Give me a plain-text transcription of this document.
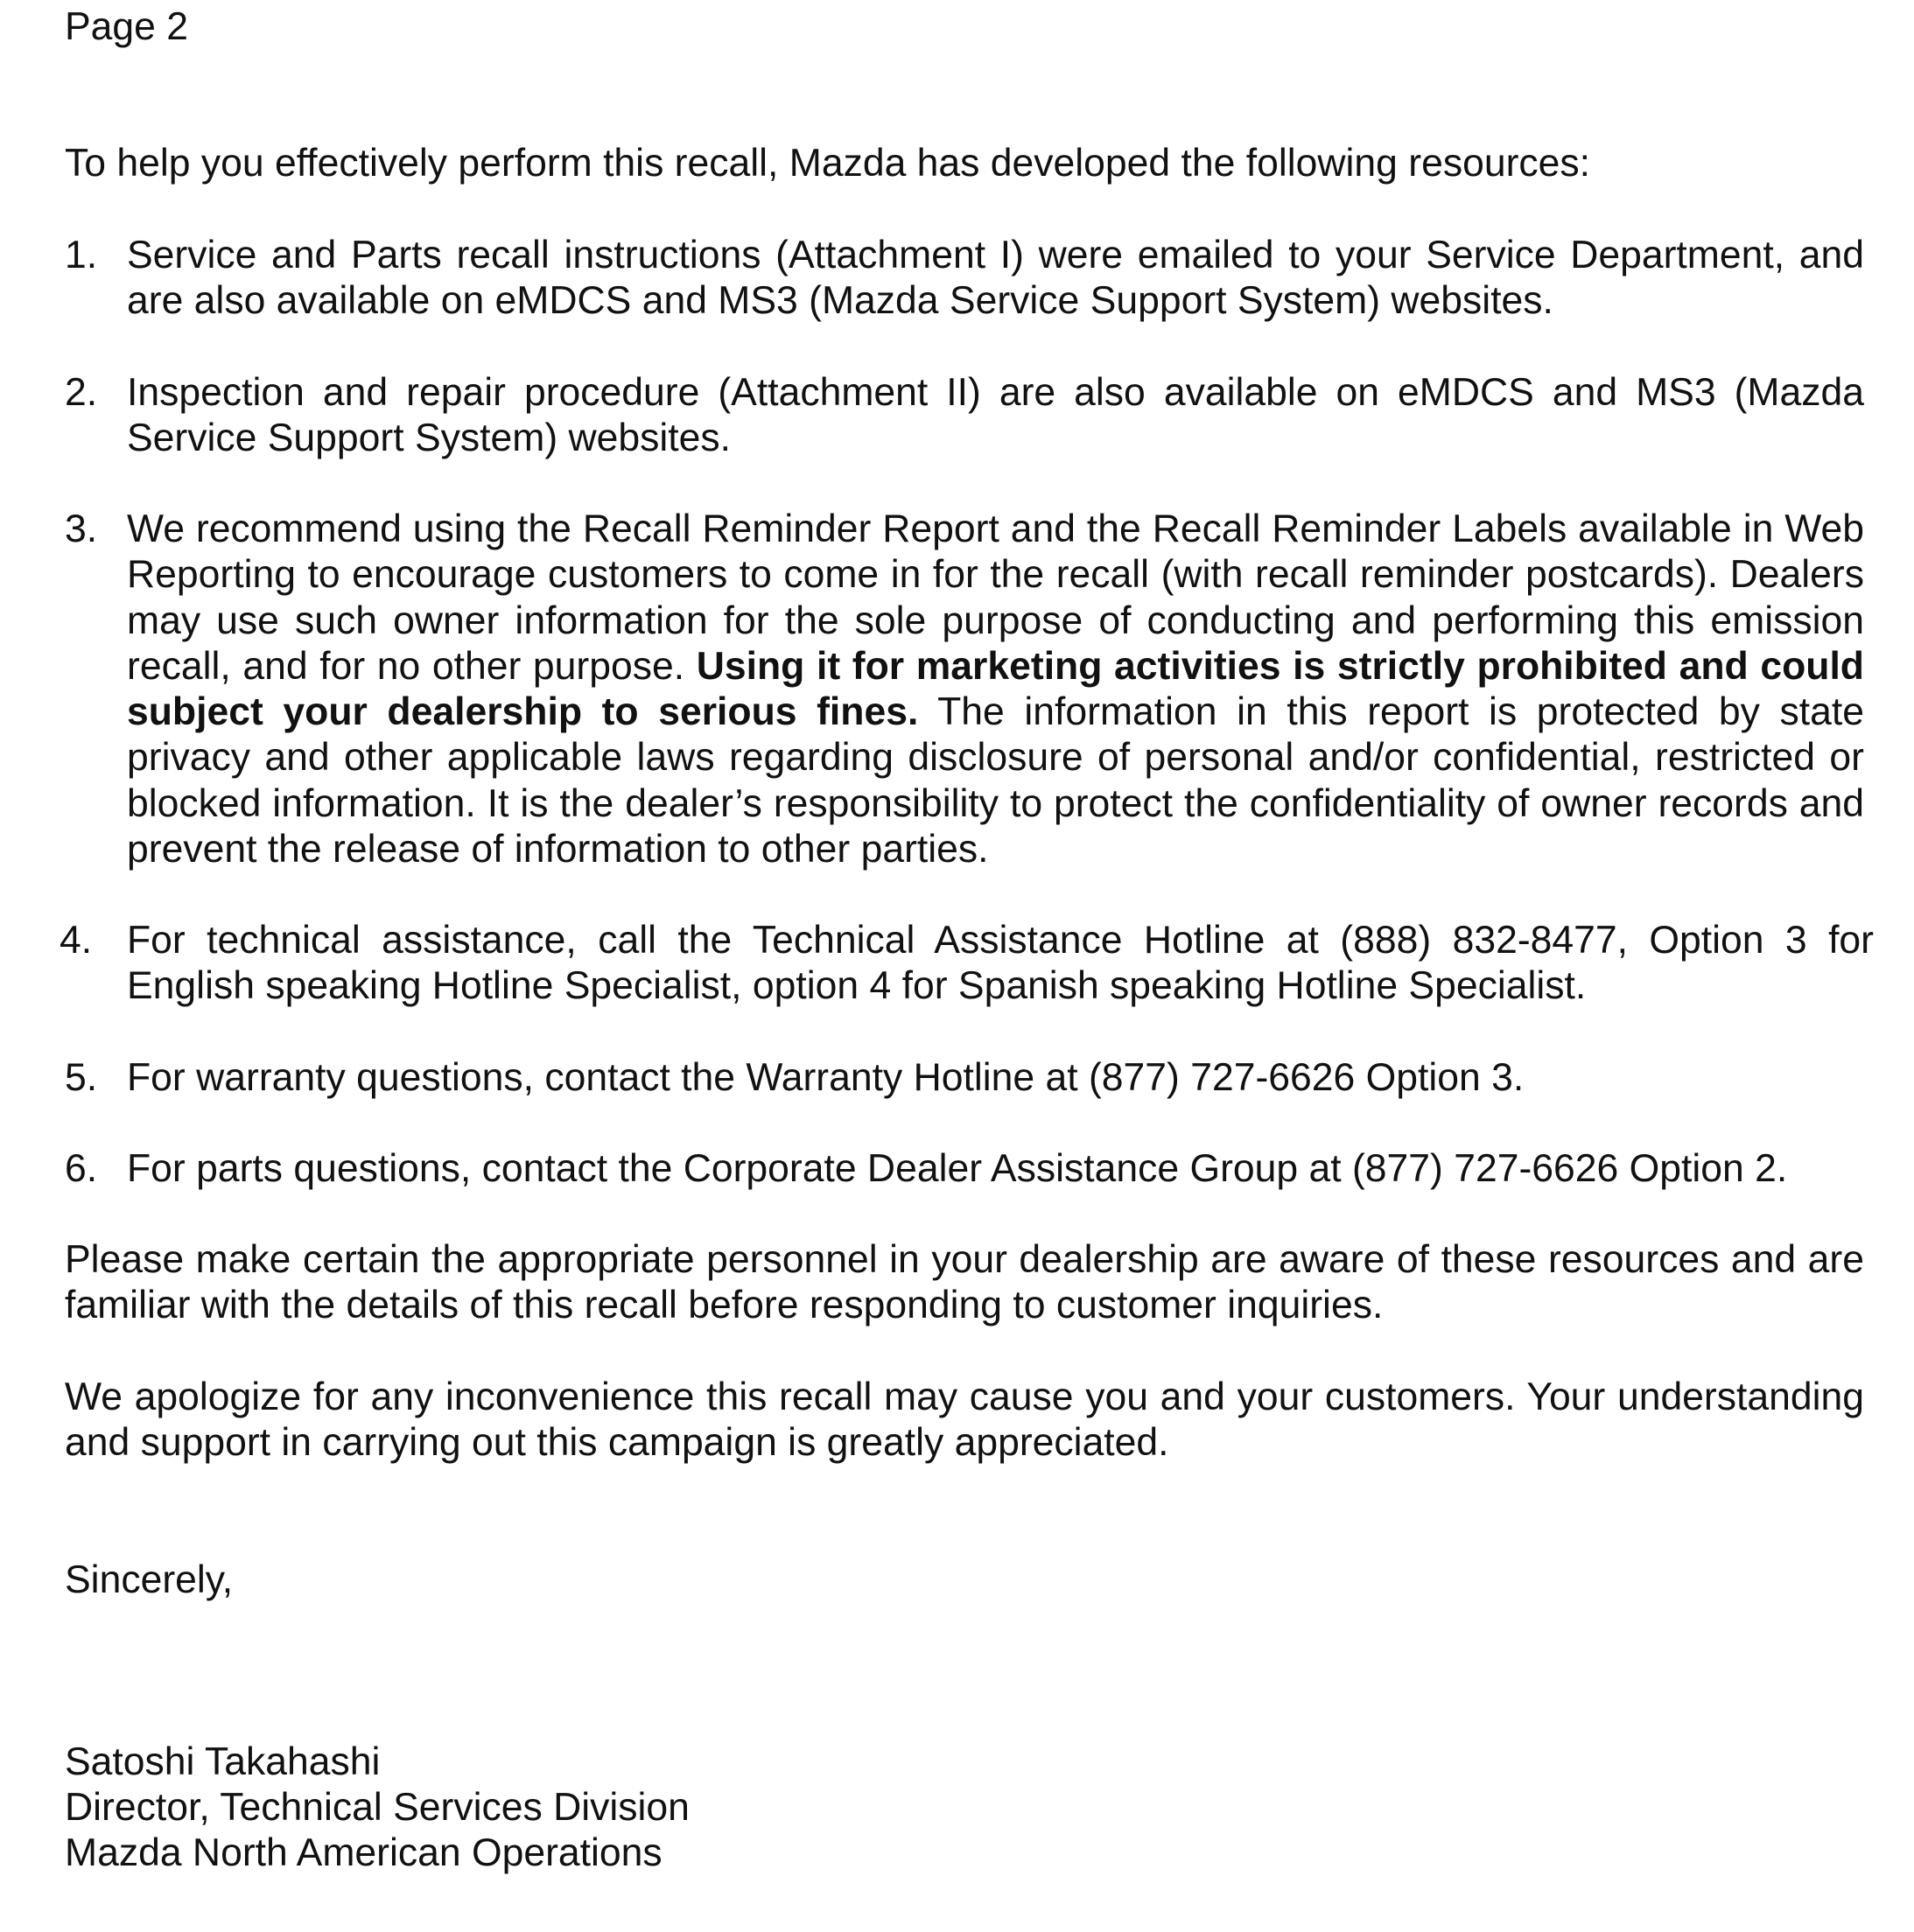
Page 2
To help you effectively perform this recall, Mazda has developed the following resources:
1. Service and Parts recall instructions (Attachment I) were emailed to your Service Department, and are also available on eMDCS and MS3 (Mazda Service Support System) websites.
2. Inspection and repair procedure (Attachment II) are also available on eMDCS and MS3 (Mazda Service Support System) websites.
3. We recommend using the Recall Reminder Report and the Recall Reminder Labels available in Web Reporting to encourage customers to come in for the recall (with recall reminder postcards). Dealers may use such owner information for the sole purpose of conducting and performing this emission recall, and for no other purpose. Using it for marketing activities is strictly prohibited and could subject your dealership to serious fines. The information in this report is protected by state privacy and other applicable laws regarding disclosure of personal and/or confidential, restricted or blocked information. It is the dealer’s responsibility to protect the confidentiality of owner records and prevent the release of information to other parties.
4. For technical assistance, call the Technical Assistance Hotline at (888) 832-8477, Option 3 for English speaking Hotline Specialist, option 4 for Spanish speaking Hotline Specialist.
5. For warranty questions, contact the Warranty Hotline at (877) 727-6626 Option 3.
6. For parts questions, contact the Corporate Dealer Assistance Group at (877) 727-6626 Option 2.
Please make certain the appropriate personnel in your dealership are aware of these resources and are familiar with the details of this recall before responding to customer inquiries.
We apologize for any inconvenience this recall may cause you and your customers. Your understanding and support in carrying out this campaign is greatly appreciated.
Sincerely,
Satoshi Takahashi
Director, Technical Services Division
Mazda North American Operations
